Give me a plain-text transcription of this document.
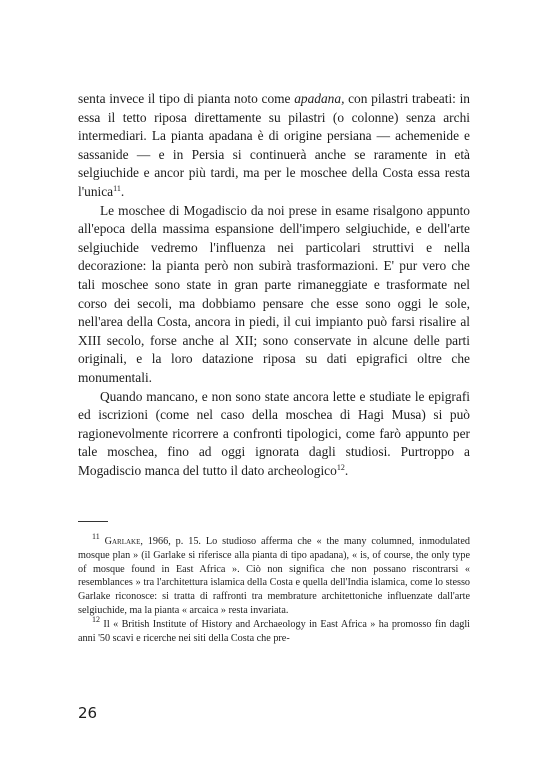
senta invece il tipo di pianta noto come apadana, con pilastri trabeati: in essa il tetto riposa direttamente su pilastri (o colonne) senza archi intermediari. La pianta apadana è di origine persiana — achemenide e sassanide — e in Persia si continuerà anche se raramente in età selgiuchide e ancor più tardi, ma per le moschee della Costa essa resta l'unica$^{11}$.

Le moschee di Mogadiscio da noi prese in esame risalgono appunto all'epoca della massima espansione dell'impero selgiuchide, e dell'arte selgiuchide vedremo l'influenza nei particolari struttivi e nella decorazione: la pianta però non subirà trasformazioni. E' pur vero che tali moschee sono state in gran parte rimaneggiate e trasformate nel corso dei secoli, ma dobbiamo pensare che esse sono oggi le sole, nell'area della Costa, ancora in piedi, il cui impianto può farsi risalire al XIII secolo, forse anche al XII; sono conservate in alcune delle parti originali, e la loro datazione riposa su dati epigrafici oltre che monumentali.

Quando mancano, e non sono state ancora lette e studiate le epigrafi ed iscrizioni (come nel caso della moschea di Hagi Musa) si può ragionevolmente ricorrere a confronti tipologici, come farò appunto per tale moschea, fino ad oggi ignorata dagli studiosi. Purtroppo a Mogadiscio manca del tutto il dato archeologico$^{12}$.

$^{11}$ Garlake, 1966, p. 15. Lo studioso afferma che « the many columned, inmodulated mosque plan » (il Garlake si riferisce alla pianta di tipo apadana), « is, of course, the only type of mosque found in East Africa ». Ciò non significa che non possano riscontrarsi « resemblances » tra l'architettura islamica della Costa e quella dell'India islamica, come lo stesso Garlake riconosce: si tratta di raffronti tra membrature architettoniche influenzate dall'arte selgiuchide, ma la pianta « arcaica » resta invariata.

$^{12}$ Il « British Institute of History and Archaeology in East Africa » ha promosso fin dagli anni '50 scavi e ricerche nei siti della Costa che pre-

26
